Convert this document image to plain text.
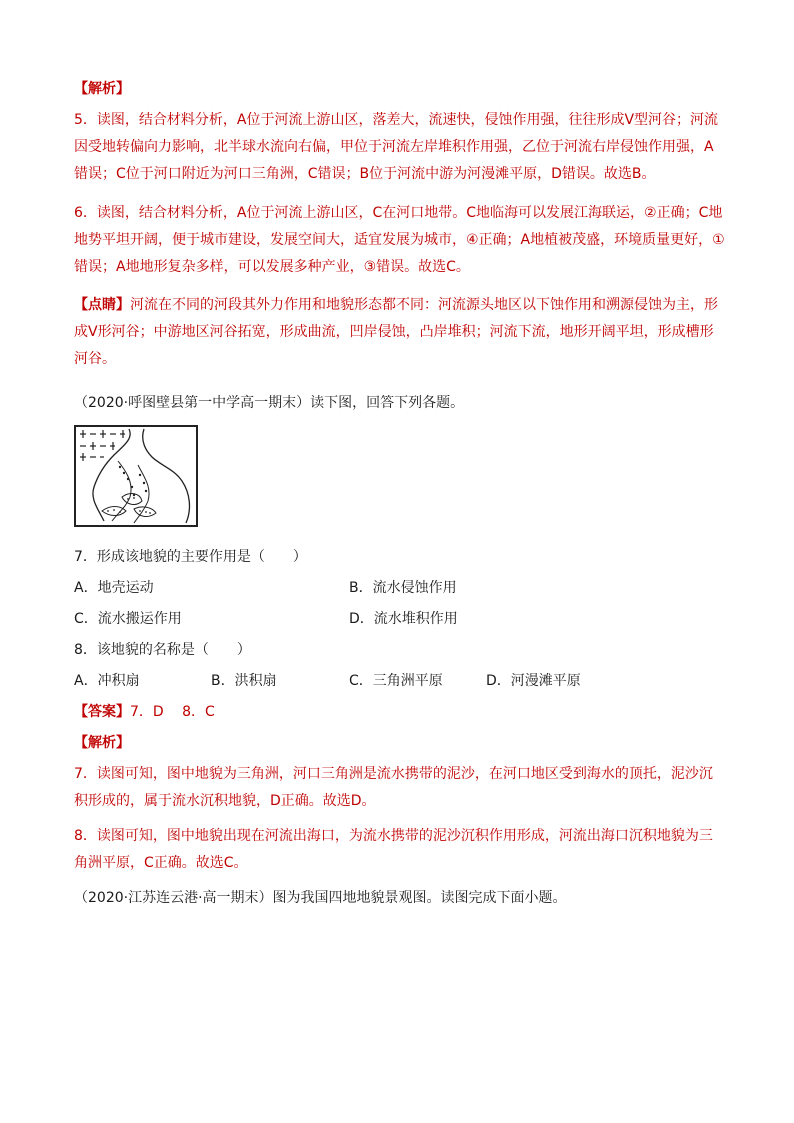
【解析】
5．读图，结合材料分析，A位于河流上游山区，落差大，流速快，侵蚀作用强，往往形成V型河谷；河流因受地转偏向力影响，北半球水流向右偏，甲位于河流左岸堆积作用强，乙位于河流右岸侵蚀作用强，A错误；C位于河口附近为河口三角洲，C错误；B位于河流中游为河漫滩平原，D错误。故选B。
6．读图，结合材料分析，A位于河流上游山区，C在河口地带。C地临海可以发展江海联运，②正确；C地地势平坦开阔，便于城市建设，发展空间大，适宜发展为城市，④正确；A地植被茂盛，环境质量更好，①错误；A地地形复杂多样，可以发展多种产业，③错误。故选C。
【点睛】河流在不同的河段其外力作用和地貌形态都不同：河流源头地区以下蚀作用和溯源侵蚀为主，形成V形河谷；中游地区河谷拓宽，形成曲流，凹岸侵蚀，凸岸堆积；河流下流，地形开阔平坦，形成槽形河谷。
（2020·呼图壁县第一中学高一期末）读下图，回答下列各题。
7．形成该地貌的主要作用是（　　）
A．地壳运动	B．流水侵蚀作用
C．流水搬运作用	D．流水堆积作用
8．该地貌的名称是（　　）
A．冲积扇	B．洪积扇	C．三角洲平原	D．河漫滩平原
【答案】7．D　 8．C
【解析】
7．读图可知，图中地貌为三角洲，河口三角洲是流水携带的泥沙，在河口地区受到海水的顶托，泥沙沉积形成的，属于流水沉积地貌，D正确。故选D。
8．读图可知，图中地貌出现在河流出海口，为流水携带的泥沙沉积作用形成，河流出海口沉积地貌为三角洲平原，C正确。故选C。
（2020·江苏连云港·高一期末）图为我国四地地貌景观图。读图完成下面小题。
